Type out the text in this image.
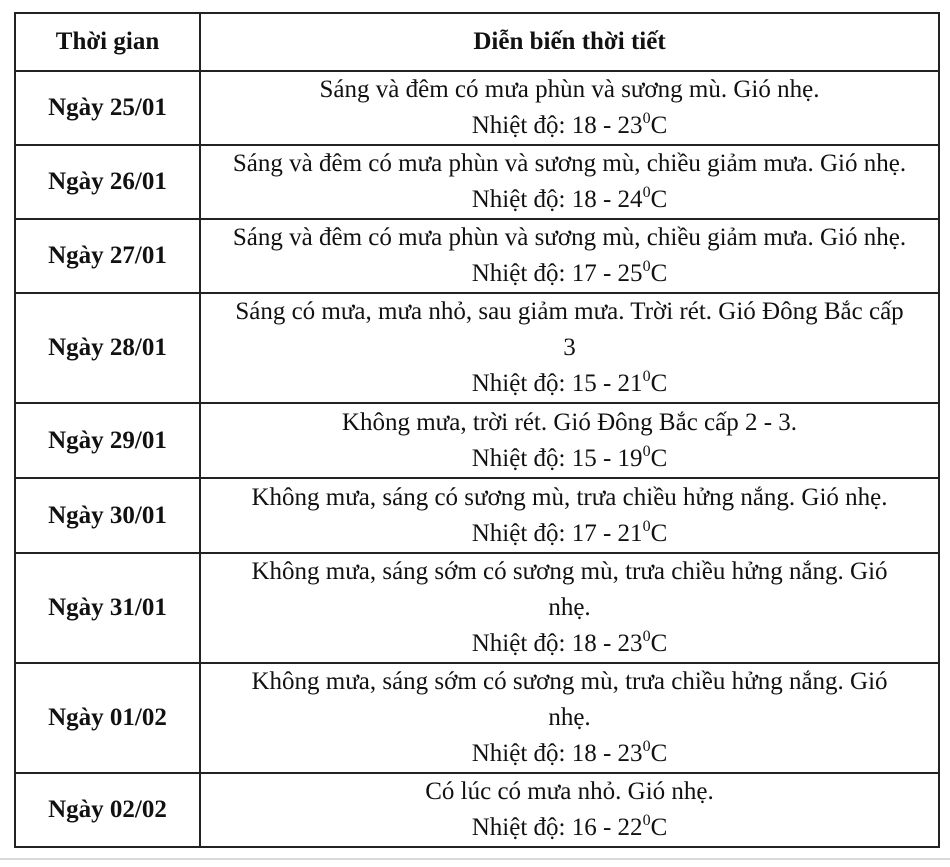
Thời gian	Diễn biến thời tiết
Ngày 25/01	Sáng và đêm có mưa phùn và sương mù. Gió nhẹ.
Nhiệt độ: $18 - 23^0C$

Ngày 26/01	Sáng và đêm có mưa phùn và sương mù, chiều giảm mưa. Gió nhẹ.
Nhiệt độ: $18 - 24^0C$

Ngày 27/01	Sáng và đêm có mưa phùn và sương mù, chiều giảm mưa. Gió nhẹ.
Nhiệt độ: $17 - 25^0C$

Ngày 28/01	Sáng có mưa, mưa nhỏ, sau giảm mưa. Trời rét. Gió Đông Bắc cấp
3
Nhiệt độ: $15 - 21^0C$

Ngày 29/01	Không mưa, trời rét. Gió Đông Bắc cấp 2 - 3.
Nhiệt độ: $15 - 19^0C$

Ngày 30/01	Không mưa, sáng có sương mù, trưa chiều hửng nắng. Gió nhẹ.
Nhiệt độ: $17 - 21^0C$

Ngày 31/01	Không mưa, sáng sớm có sương mù, trưa chiều hửng nắng. Gió
nhẹ.
Nhiệt độ: $18 - 23^0C$

Ngày 01/02	Không mưa, sáng sớm có sương mù, trưa chiều hửng nắng. Gió
nhẹ.
Nhiệt độ: $18 - 23^0C$

Ngày 02/02	Có lúc có mưa nhỏ. Gió nhẹ.
Nhiệt độ: $16 - 22^0C$
